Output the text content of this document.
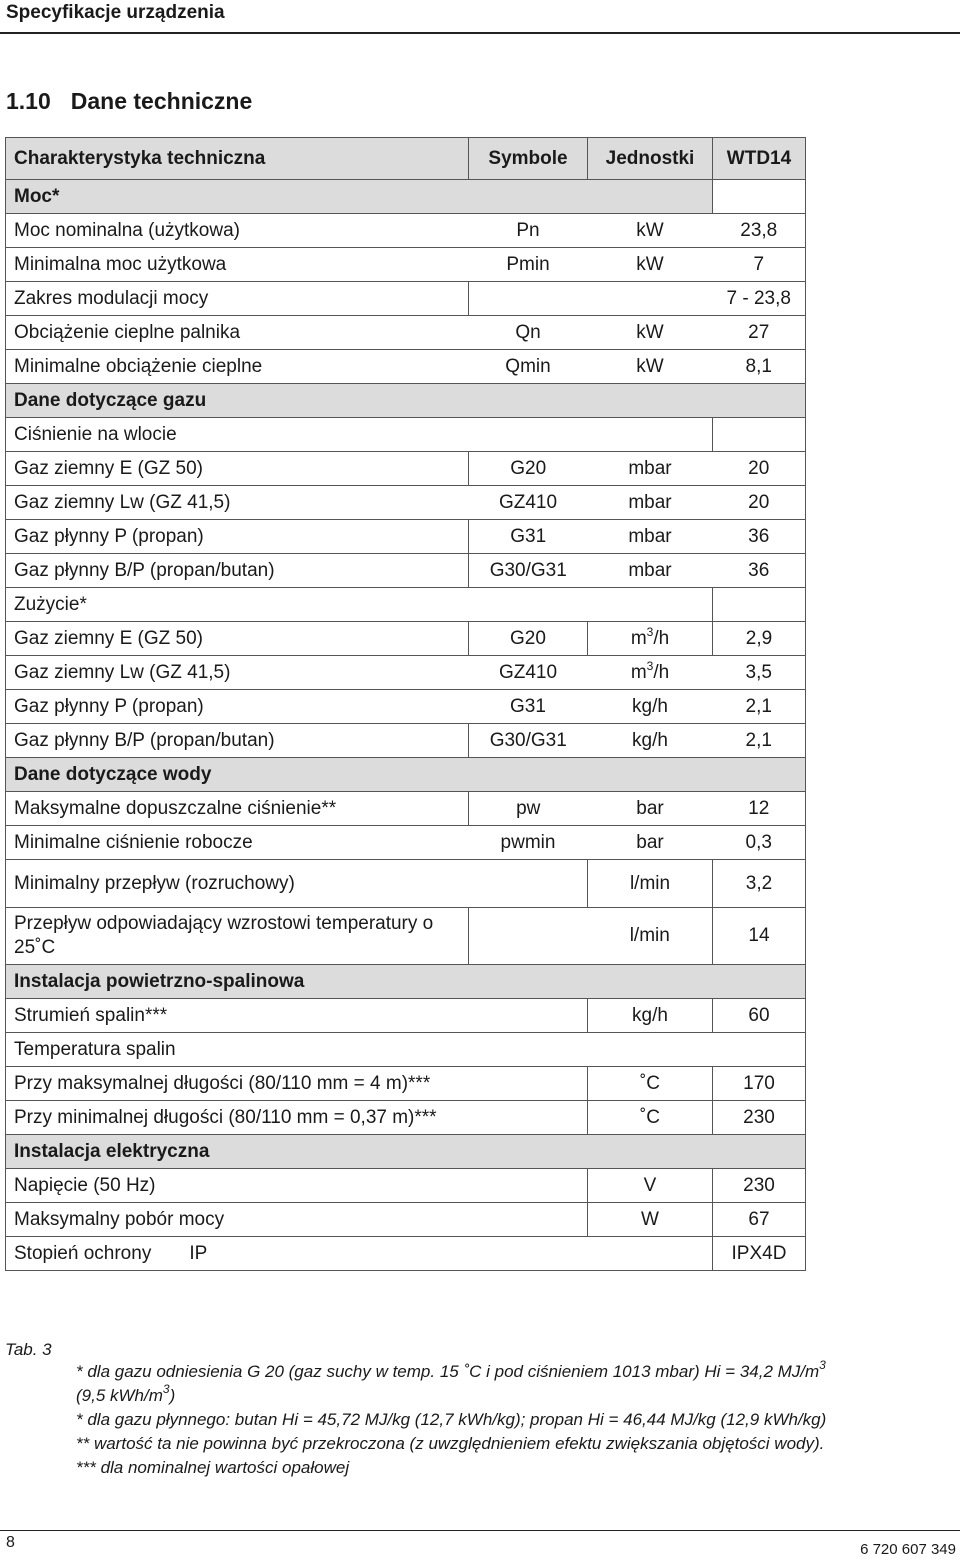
Specyfikacje urządzenia
1.10 Dane techniczne
Charakterystyka techniczna	Symbole	Jednostki	WTD14
Moc*			
Moc nominalna (użytkowa)	Pn	kW	23,8
Minimalna moc użytkowa	Pmin	kW	7
Zakres modulacji mocy			7 - 23,8
Obciążenie cieplne palnika	Qn	kW	27
Minimalne obciążenie cieplne	Qmin	kW	8,1
Dane dotyczące gazu			
Ciśnienie na wlocie			
Gaz ziemny E (GZ 50)	G20	mbar	20
Gaz ziemny Lw (GZ 41,5)	GZ410	mbar	20
Gaz płynny P (propan)	G31	mbar	36
Gaz płynny B/P (propan/butan)	G30/G31	mbar	36
Zużycie*			
Gaz ziemny E (GZ 50)	G20	$m^3/h$	2,9
Gaz ziemny Lw (GZ 41,5)	GZ410	$m^3/h$	3,5
Gaz płynny P (propan)	G31	kg/h	2,1
Gaz płynny B/P (propan/butan)	G30/G31	kg/h	2,1
Dane dotyczące wody			
Maksymalne dopuszczalne ciśnienie**	pw	bar	12
Minimalne ciśnienie robocze	pwmin	bar	0,3
Minimalny przepływ (rozruchowy)		l/min	3,2
Przepływ odpowiadający wzrostowi temperatury o 25˚C		l/min	14
Instalacja powietrzno-spalinowa			
Strumień spalin***		kg/h	60
Temperatura spalin			
Przy maksymalnej długości (80/110 mm = 4 m)***		˚C	170
Przy minimalnej długości (80/110 mm = 0,37 m)***		˚C	230
Instalacja elektryczna			
Napięcie (50 Hz)		V	230
Maksymalny pobór mocy		W	67
Stopień ochrony IP			IPX4D
Tab. 3
* dla gazu odniesienia G 20 (gaz suchy w temp. 15 ˚C i pod ciśnieniem 1013 mbar) Hi = 34,2 $MJ/m^3$
(9,5 kWh/$m^3$)
* dla gazu płynnego: butan Hi = 45,72 MJ/kg (12,7 kWh/kg); propan Hi = 46,44 MJ/kg (12,9 kWh/kg)
** wartość ta nie powinna być przekroczona (z uwzględnieniem efektu zwiększania objętości wody).
*** dla nominalnej wartości opałowej
8	6 720 607 349
